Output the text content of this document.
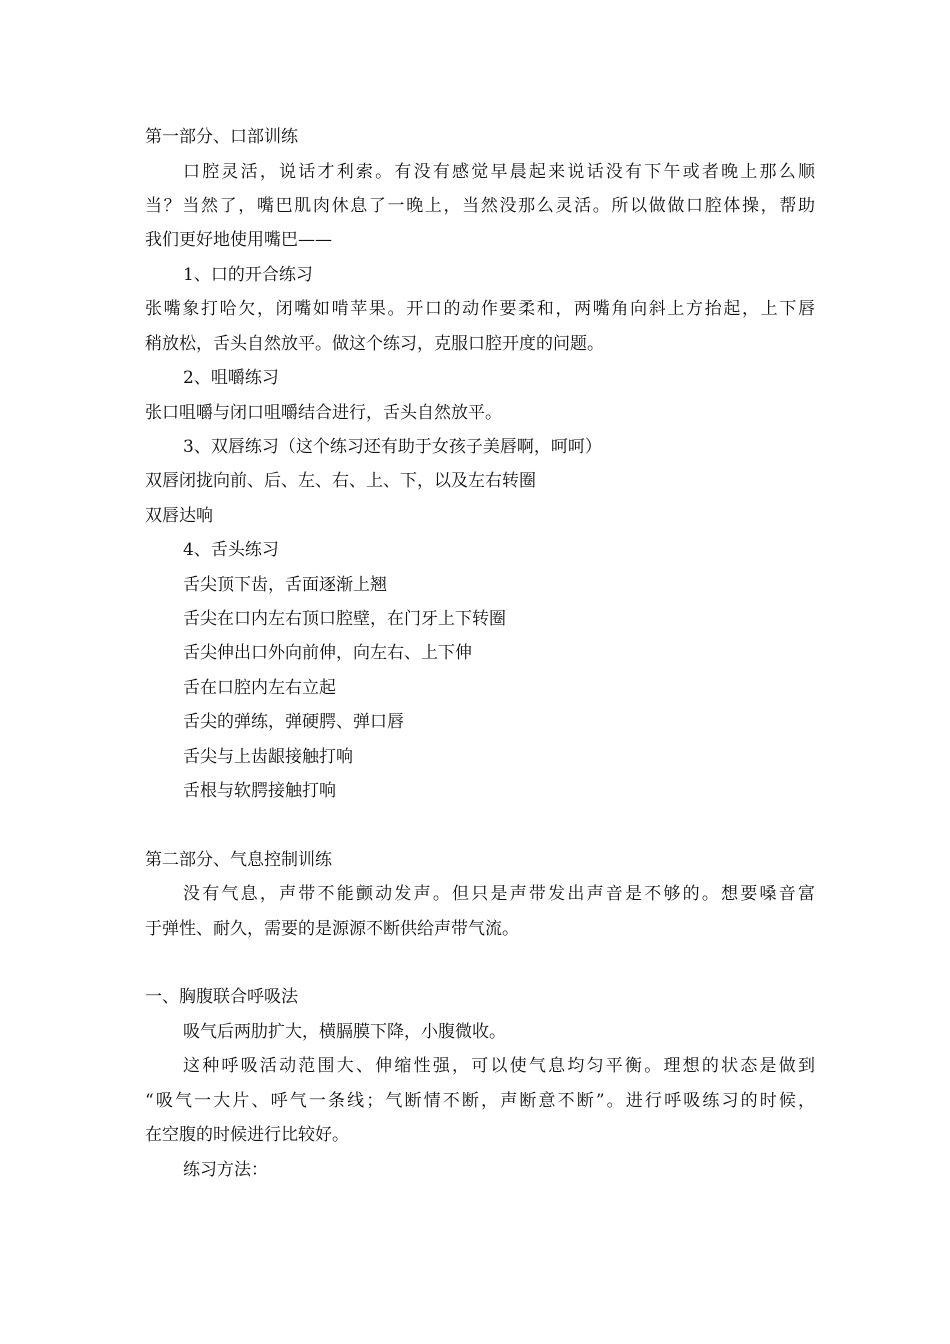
第一部分、口部训练
口腔灵活，说话才利索。有没有感觉早晨起来说话没有下午或者晚上那么顺
当？当然了，嘴巴肌肉休息了一晚上，当然没那么灵活。所以做做口腔体操，帮助
我们更好地使用嘴巴——
1、口的开合练习
张嘴象打哈欠，闭嘴如啃苹果。开口的动作要柔和，两嘴角向斜上方抬起，上下唇
稍放松，舌头自然放平。做这个练习，克服口腔开度的问题。
2、咀嚼练习
张口咀嚼与闭口咀嚼结合进行，舌头自然放平。
3、双唇练习（这个练习还有助于女孩子美唇啊，呵呵）
双唇闭拢向前、后、左、右、上、下，以及左右转圈
双唇达响
4、舌头练习
舌尖顶下齿，舌面逐渐上翘
舌尖在口内左右顶口腔壁，在门牙上下转圈
舌尖伸出口外向前伸，向左右、上下伸
舌在口腔内左右立起
舌尖的弹练，弹硬腭、弹口唇
舌尖与上齿龈接触打响
舌根与软腭接触打响
第二部分、气息控制训练
没有气息，声带不能颤动发声。但只是声带发出声音是不够的。想要嗓音富
于弹性、耐久，需要的是源源不断供给声带气流。
一、胸腹联合呼吸法
吸气后两肋扩大，横膈膜下降，小腹微收。
这种呼吸活动范围大、伸缩性强，可以使气息均匀平衡。理想的状态是做到
“吸气一大片、呼气一条线；气断情不断，声断意不断”。进行呼吸练习的时候，
在空腹的时候进行比较好。
练习方法：
